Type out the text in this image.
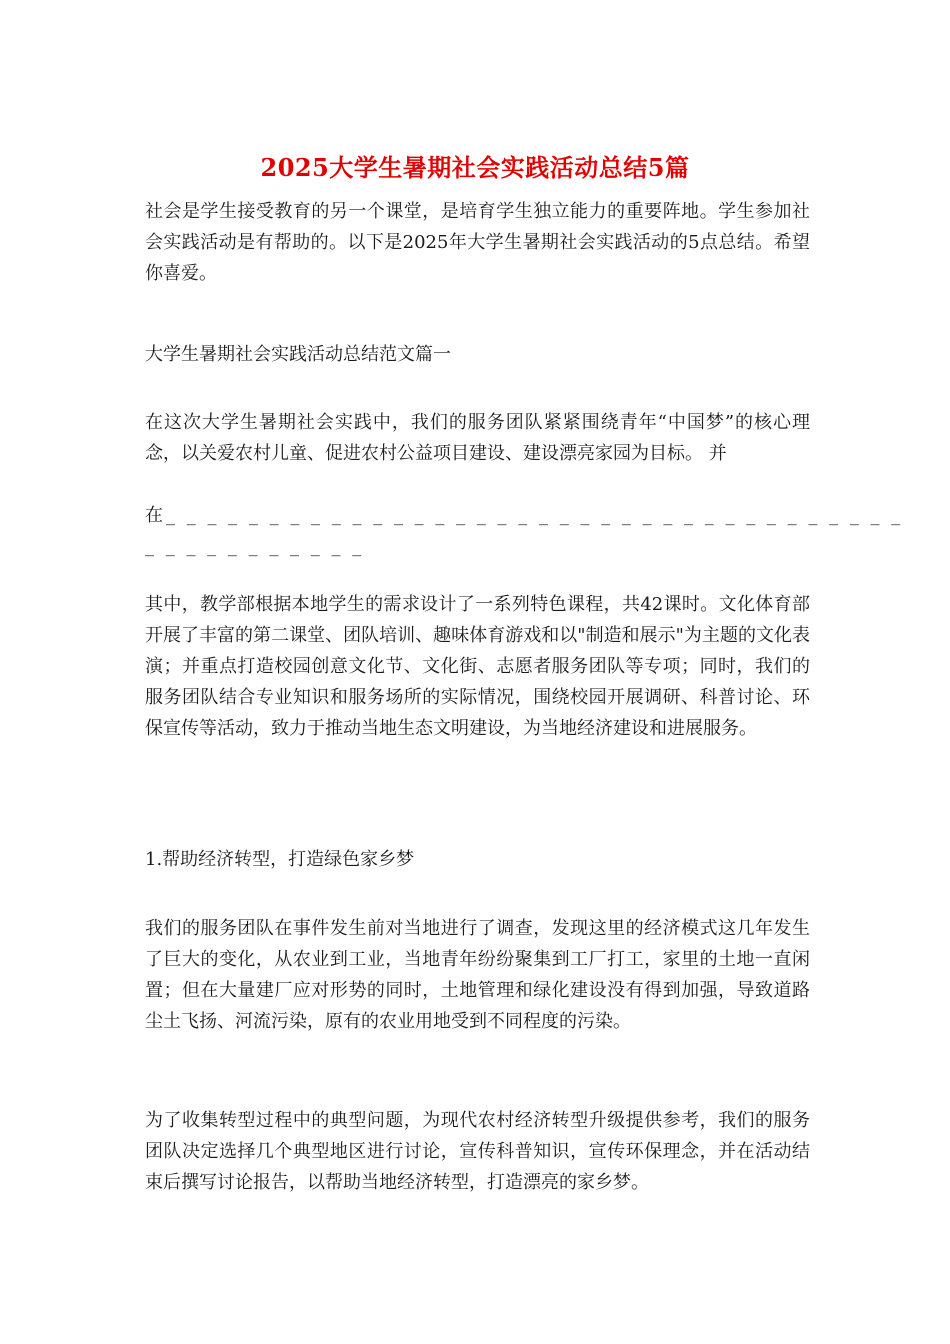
2025大学生暑期社会实践活动总结5篇

社会是学生接受教育的另一个课堂，是培育学生独立能力的重要阵地。学生参加社会实践活动是有帮助的。以下是2025年大学生暑期社会实践活动的5点总结。希望你喜爱。

大学生暑期社会实践活动总结范文篇一

在这次大学生暑期社会实践中，我们的服务团队紧紧围绕青年“中国梦”的核心理念，以关爱农村儿童、促进农村公益项目建设、建设漂亮家园为目标。 并

在_ _ _ _ _ _ _ _ _ _ _ _ _ _ _ _ _ _ _ _ _ _ _ _ _ _ _ _ _ _ _ _ _ _ _ _

_ _ _ _ _ _ _ _ _ _ _

其中，教学部根据本地学生的需求设计了一系列特色课程，共42课时。文化体育部开展了丰富的第二课堂、团队培训、趣味体育游戏和以"制造和展示"为主题的文化表演；并重点打造校园创意文化节、文化街、志愿者服务团队等专项；同时，我们的服务团队结合专业知识和服务场所的实际情况，围绕校园开展调研、科普讨论、环保宣传等活动，致力于推动当地生态文明建设，为当地经济建设和进展服务。

1.帮助经济转型，打造绿色家乡梦

我们的服务团队在事件发生前对当地进行了调查，发现这里的经济模式这几年发生了巨大的变化，从农业到工业，当地青年纷纷聚集到工厂打工，家里的土地一直闲置；但在大量建厂应对形势的同时，土地管理和绿化建设没有得到加强，导致道路尘土飞扬、河流污染，原有的农业用地受到不同程度的污染。

为了收集转型过程中的典型问题，为现代农村经济转型升级提供参考，我们的服务团队决定选择几个典型地区进行讨论，宣传科普知识，宣传环保理念，并在活动结束后撰写讨论报告，以帮助当地经济转型，打造漂亮的家乡梦。
